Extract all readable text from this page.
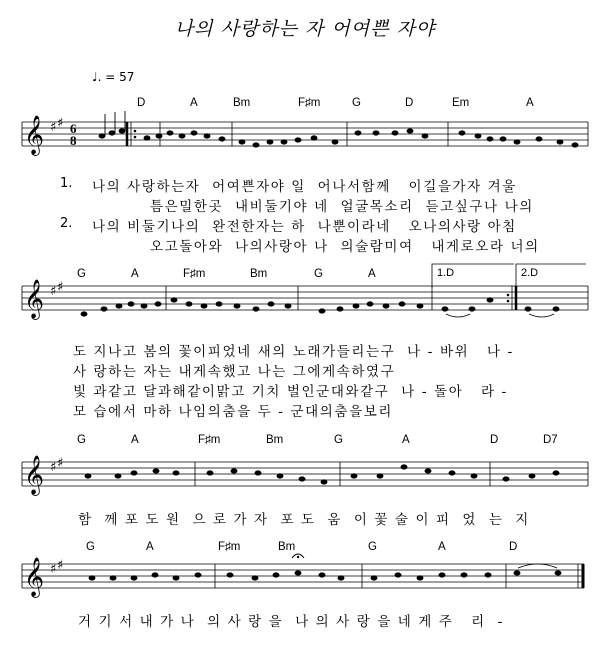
나의 사랑하는 자 어여쁜 자야
♩. = 57
D	A	Bm	F♯m	G	D	Em	A
𝄞 ♯ ♯ 6
8
1.
2.
나의 사랑하는자  어여쁜자야 일  어나서함께   이길을가자 겨울
틈은밀한곳  내비둘기야 네  얼굴목소리  듣고싶구나 나의
나의 비둘기나의  완전한자는 하  나뿐이라네   오나의사랑 아침
오고돌아와  나의사랑아 나  의술람미여   내게로오라 너의
G	A	F♯m	Bm	G	A	1.D	2.D
𝄞 ♯ ♯
도 지나고 봄의 꽃이피었네 새의 노래가들리는구  나 - 바위   나 -
사 랑하는 자는 내게속했고 나는 그에게속하였구
빛 과같고 달과해같이맑고 기치 벌인군대와같구  나 - 돌아   라 -
모 습에서 마하 나임의춤을 두 - 군대의춤을보리
G	A	F♯m	Bm	G	A	D	D7
𝄞 ♯ ♯
함  께 포 도 원  으 로 가 자  포 도  움  이 꽃 술 이 피  었  는  지
G	A	F♯m	Bm	G	A	D
𝄞 ♯ ♯
거 기 서 내 가 나  의 사 랑 을  나 의 사 랑 을 네 게 주   리  -
